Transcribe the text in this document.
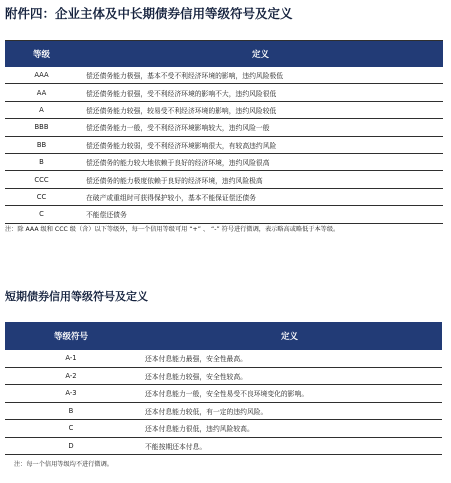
附件四：企业主体及中长期债券信用等级符号及定义
等级	定义
AAA	偿还债务能力极强，基本不受不利经济环境的影响，违约风险极低
AA	偿还债务能力很强，受不利经济环境的影响不大，违约风险很低
A	偿还债务能力较强，较易受不利经济环境的影响，违约风险较低
BBB	偿还债务能力一般，受不利经济环境影响较大，违约风险一般
BB	偿还债务能力较弱，受不利经济环境影响很大，有较高违约风险
B	偿还债务的能力较大地依赖于良好的经济环境，违约风险很高
CCC	偿还债务的能力极度依赖于良好的经济环境，违约风险极高
CC	在破产或重组时可获得保护较小，基本不能保证偿还债务
C	不能偿还债务
注：除 AAA 级和 CCC 级（含）以下等级外，每一个信用等级可用 “+” 、 “-” 符号进行微调，表示略高或略低于本等级。
短期债券信用等级符号及定义
等级符号	定义
A-1	还本付息能力最强，安全性最高。
A-2	还本付息能力较强，安全性较高。
A-3	还本付息能力一般，安全性易受不良环境变化的影响。
B	还本付息能力较低，有一定的违约风险。
C	还本付息能力很低，违约风险较高。
D	不能按期还本付息。
注：每一个信用等级均不进行微调。
